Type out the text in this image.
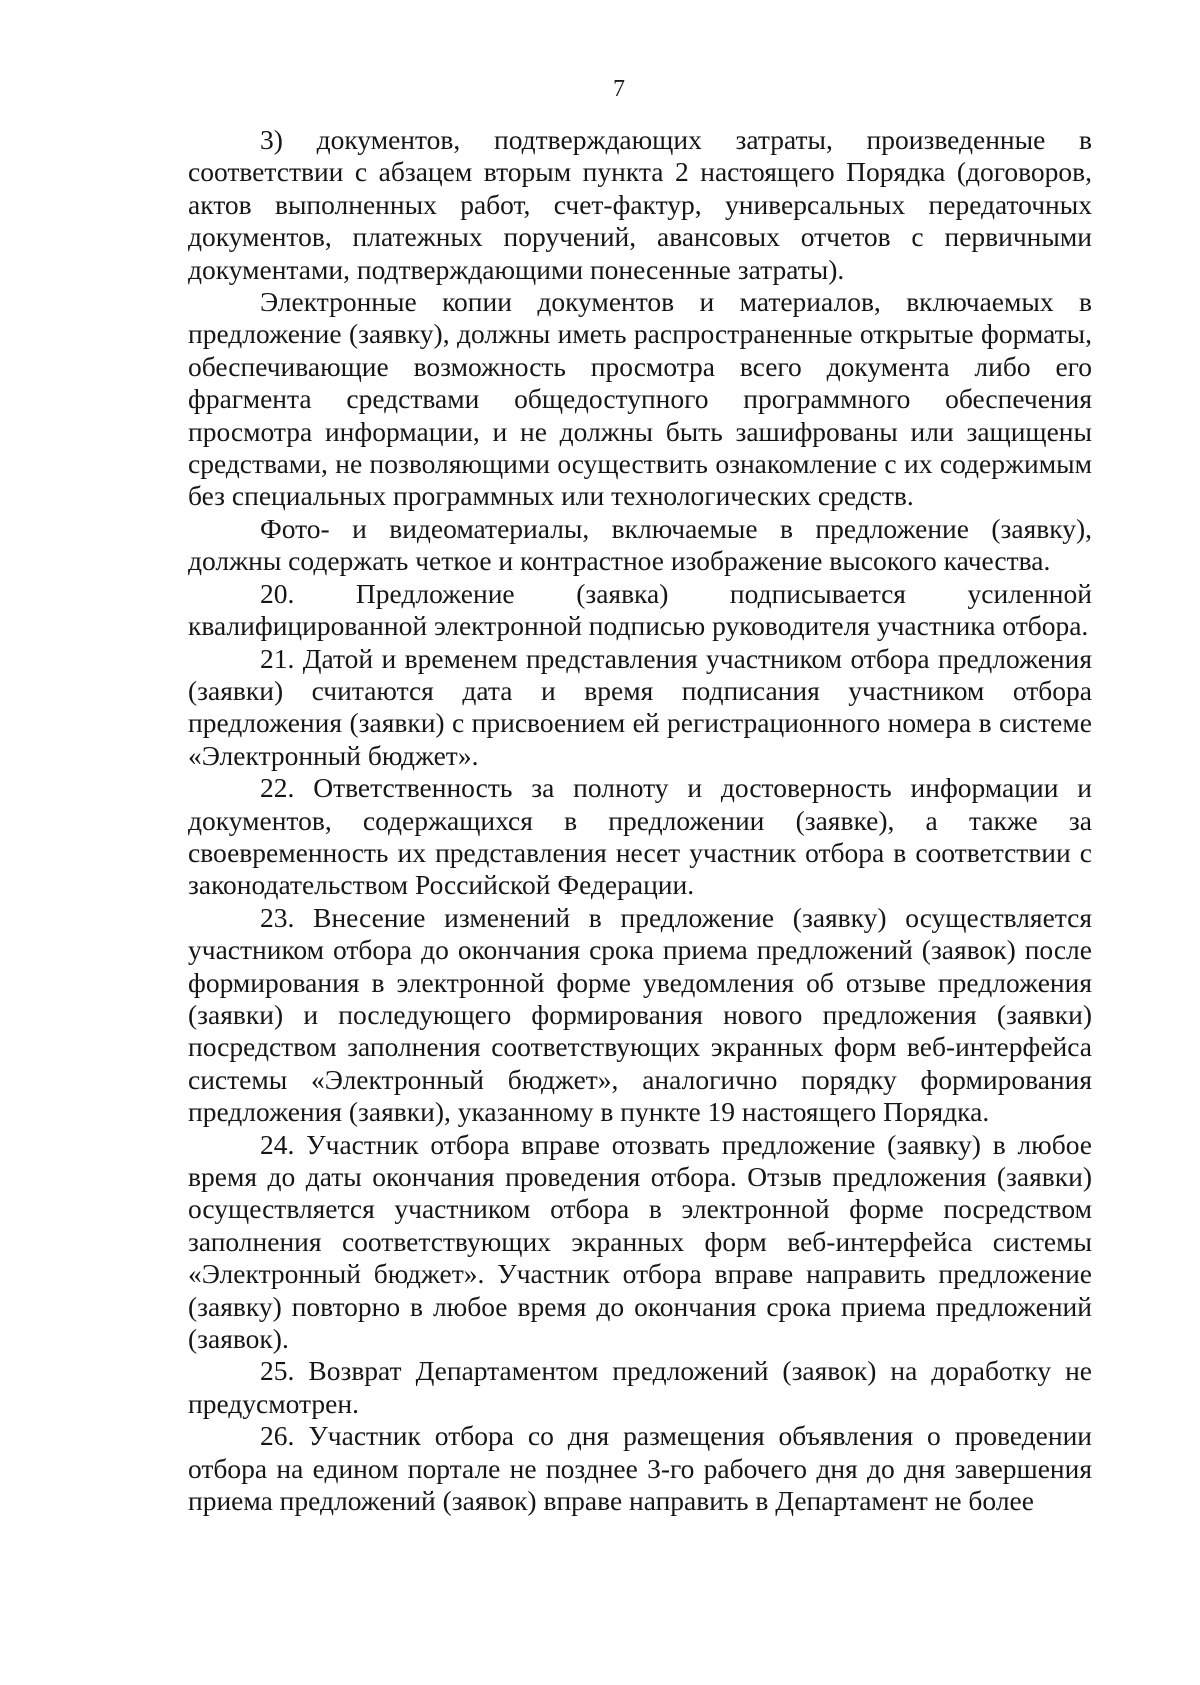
7

3) документов, подтверждающих затраты, произведенные в соответствии с абзацем вторым пункта 2 настоящего Порядка (договоров, актов выполненных работ, счет-фактур, универсальных передаточных документов, платежных поручений, авансовых отчетов с первичными документами, подтверждающими понесенные затраты).

Электронные копии документов и материалов, включаемых в предложение (заявку), должны иметь распространенные открытые форматы, обеспечивающие возможность просмотра всего документа либо его фрагмента средствами общедоступного программного обеспечения просмотра информации, и не должны быть зашифрованы или защищены средствами, не позволяющими осуществить ознакомление с их содержимым без специальных программных или технологических средств.

Фото- и видеоматериалы, включаемые в предложение (заявку), должны содержать четкое и контрастное изображение высокого качества.

20. Предложение (заявка) подписывается усиленной квалифицированной электронной подписью руководителя участника отбора.

21. Датой и временем представления участником отбора предложения (заявки) считаются дата и время подписания участником отбора предложения (заявки) с присвоением ей регистрационного номера в системе «Электронный бюджет».

22. Ответственность за полноту и достоверность информации и документов, содержащихся в предложении (заявке), а также за своевременность их представления несет участник отбора в соответствии с законодательством Российской Федерации.

23. Внесение изменений в предложение (заявку) осуществляется участником отбора до окончания срока приема предложений (заявок) после формирования в электронной форме уведомления об отзыве предложения (заявки) и последующего формирования нового предложения (заявки) посредством заполнения соответствующих экранных форм веб-интерфейса системы «Электронный бюджет», аналогично порядку формирования предложения (заявки), указанному в пункте 19 настоящего Порядка.

24. Участник отбора вправе отозвать предложение (заявку) в любое время до даты окончания проведения отбора. Отзыв предложения (заявки) осуществляется участником отбора в электронной форме посредством заполнения соответствующих экранных форм веб-интерфейса системы «Электронный бюджет». Участник отбора вправе направить предложение (заявку) повторно в любое время до окончания срока приема предложений (заявок).

25. Возврат Департаментом предложений (заявок) на доработку не предусмотрен.

26. Участник отбора со дня размещения объявления о проведении отбора на едином портале не позднее 3-го рабочего дня до дня завершения приема предложений (заявок) вправе направить в Департамент не более
